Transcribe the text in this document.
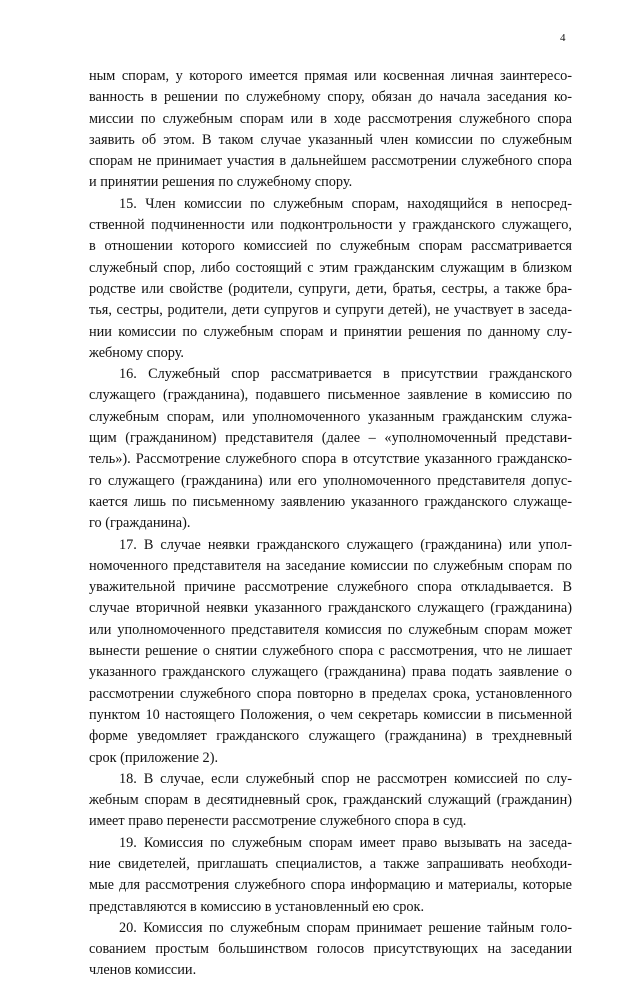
4
ным спорам, у которого имеется прямая или косвенная личная заинтересо-
ванность в решении по служебному спору, обязан до начала заседания ко-
миссии по служебным спорам или в ходе рассмотрения служебного спора
заявить об этом. В таком случае указанный член комиссии по служебным
спорам не принимает участия в дальнейшем рассмотрении служебного спора
и принятии решения по служебному спору.
15. Член комиссии по служебным спорам, находящийся в непосред-
ственной подчиненности или подконтрольности у гражданского служащего,
в отношении которого комиссией по служебным спорам рассматривается
служебный спор, либо состоящий с этим гражданским служащим в близком
родстве или свойстве (родители, супруги, дети, братья, сестры, а также бра-
тья, сестры, родители, дети супругов и супруги детей), не участвует в заседа-
нии комиссии по служебным спорам и принятии решения по данному слу-
жебному спору.
16. Служебный спор рассматривается в присутствии гражданского
служащего (гражданина), подавшего письменное заявление в комиссию по
служебным спорам, или уполномоченного указанным гражданским служа-
щим (гражданином) представителя (далее – «уполномоченный представи-
тель»). Рассмотрение служебного спора в отсутствие указанного гражданско-
го служащего (гражданина) или его уполномоченного представителя допус-
кается лишь по письменному заявлению указанного гражданского служаще-
го (гражданина).
17. В случае неявки гражданского служащего (гражданина) или упол-
номоченного представителя на заседание комиссии по служебным спорам по
уважительной причине рассмотрение служебного спора откладывается. В
случае вторичной неявки указанного гражданского служащего (гражданина)
или уполномоченного представителя комиссия по служебным спорам может
вынести решение о снятии служебного спора с рассмотрения, что не лишает
указанного гражданского служащего (гражданина) права подать заявление о
рассмотрении служебного спора повторно в пределах срока, установленного
пунктом 10 настоящего Положения, о чем секретарь комиссии в письменной
форме уведомляет гражданского служащего (гражданина) в трехдневный
срок (приложение 2).
18. В случае, если служебный спор не рассмотрен комиссией по слу-
жебным спорам в десятидневный срок, гражданский служащий (гражданин)
имеет право перенести рассмотрение служебного спора в суд.
19. Комиссия по служебным спорам имеет право вызывать на заседа-
ние свидетелей, приглашать специалистов, а также запрашивать необходи-
мые для рассмотрения служебного спора информацию и материалы, которые
представляются в комиссию в установленный ею срок.
20. Комиссия по служебным спорам принимает решение тайным голо-
сованием простым большинством голосов присутствующих на заседании
членов комиссии.
